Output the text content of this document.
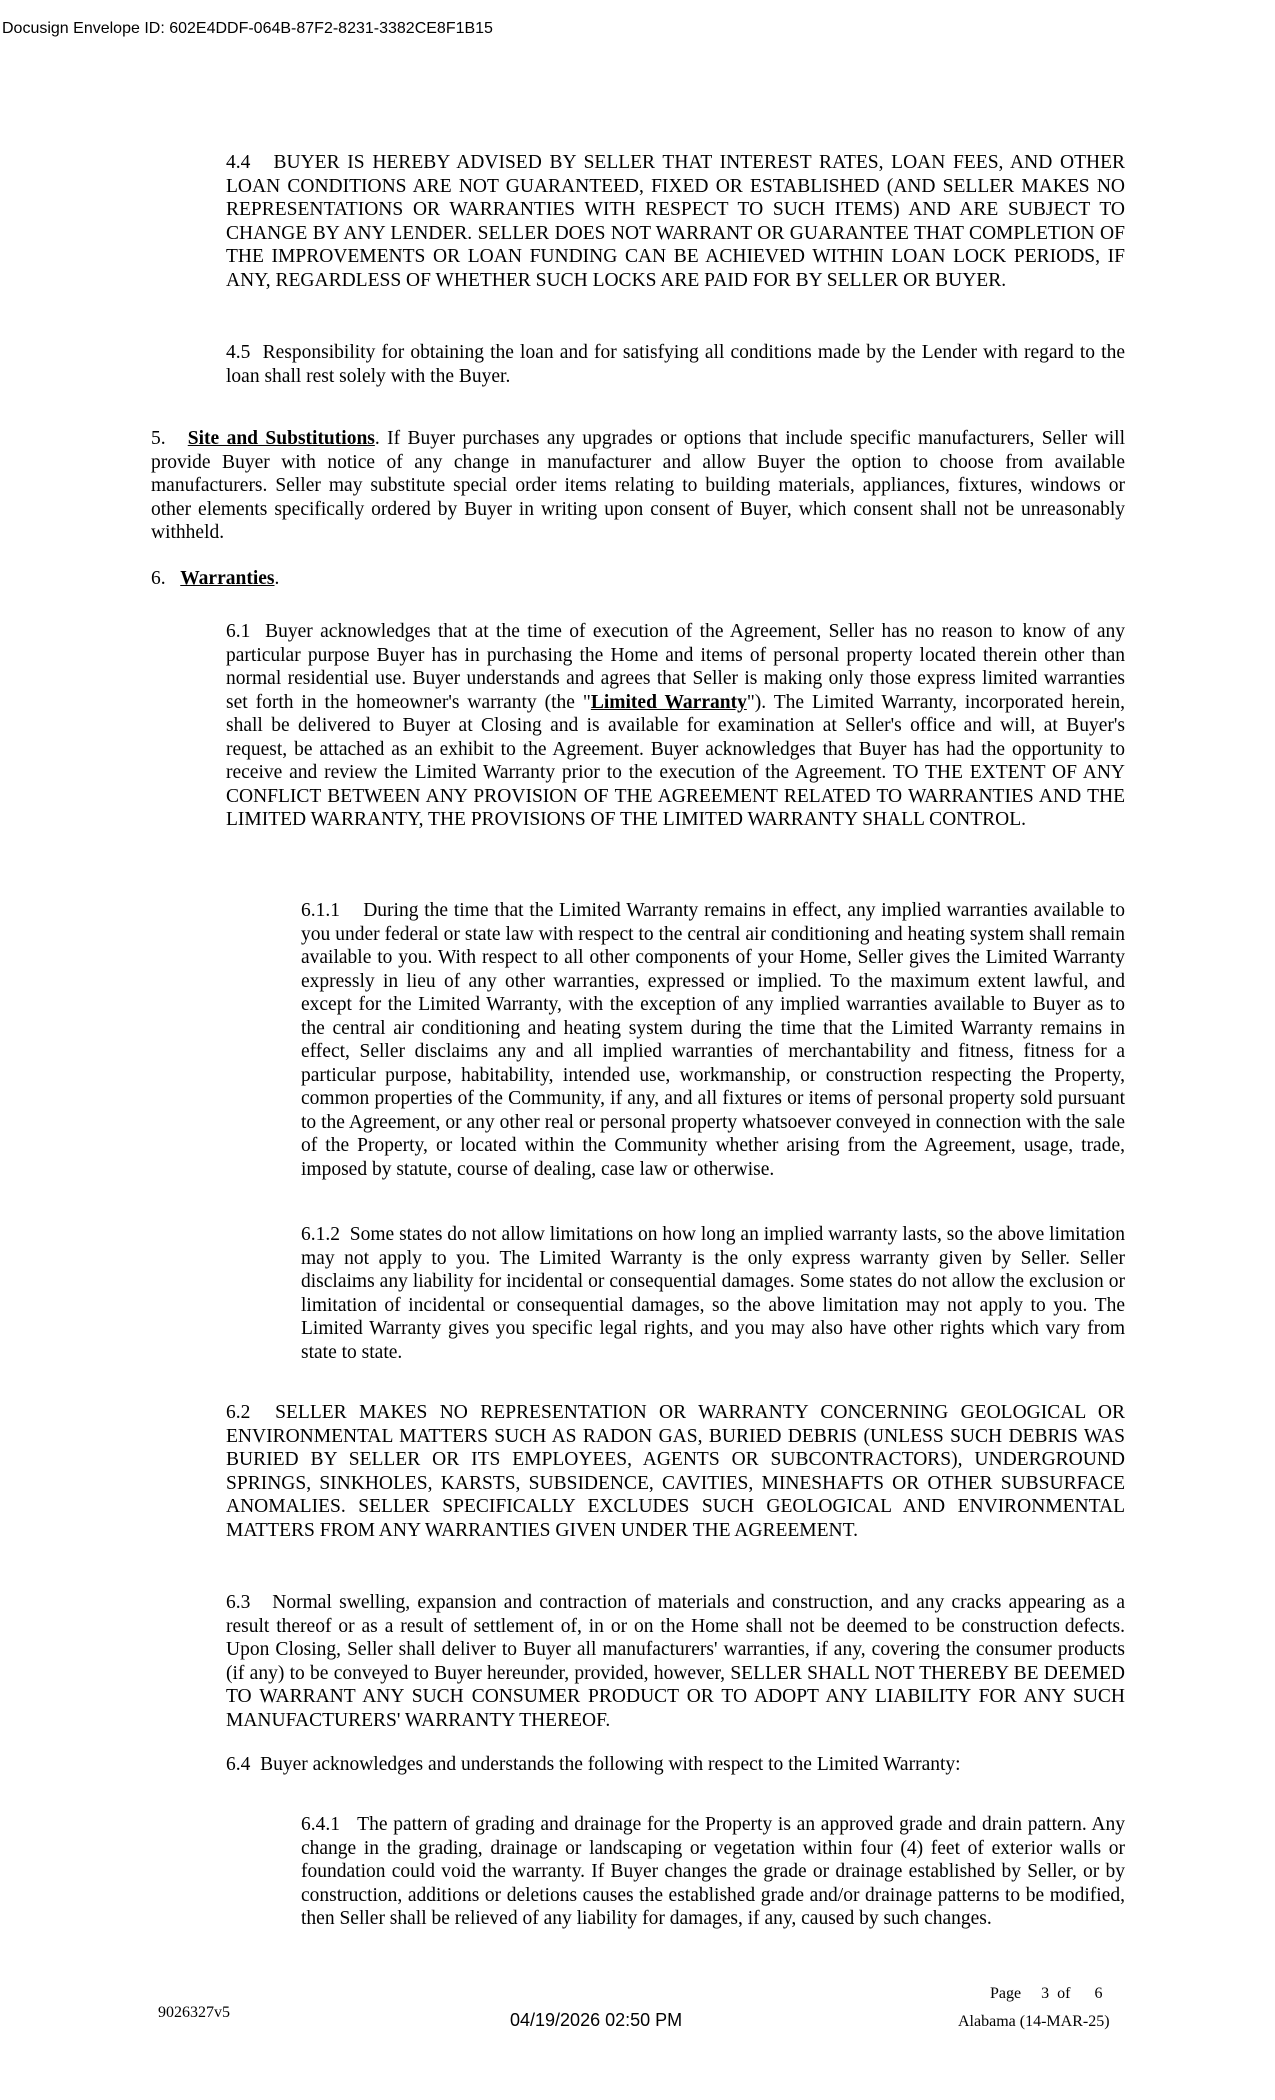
Docusign Envelope ID: 602E4DDF-064B-87F2-8231-3382CE8F1B15

4.4 BUYER IS HEREBY ADVISED BY SELLER THAT INTEREST RATES, LOAN FEES, AND OTHER LOAN CONDITIONS ARE NOT GUARANTEED, FIXED OR ESTABLISHED (AND SELLER MAKES NO REPRESENTATIONS OR WARRANTIES WITH RESPECT TO SUCH ITEMS) AND ARE SUBJECT TO CHANGE BY ANY LENDER. SELLER DOES NOT WARRANT OR GUARANTEE THAT COMPLETION OF THE IMPROVEMENTS OR LOAN FUNDING CAN BE ACHIEVED WITHIN LOAN LOCK PERIODS, IF ANY, REGARDLESS OF WHETHER SUCH LOCKS ARE PAID FOR BY SELLER OR BUYER.

4.5 Responsibility for obtaining the loan and for satisfying all conditions made by the Lender with regard to the loan shall rest solely with the Buyer.

5. Site and Substitutions. If Buyer purchases any upgrades or options that include specific manufacturers, Seller will provide Buyer with notice of any change in manufacturer and allow Buyer the option to choose from available manufacturers. Seller may substitute special order items relating to building materials, appliances, fixtures, windows or other elements specifically ordered by Buyer in writing upon consent of Buyer, which consent shall not be unreasonably withheld.

6. Warranties.

6.1 Buyer acknowledges that at the time of execution of the Agreement, Seller has no reason to know of any particular purpose Buyer has in purchasing the Home and items of personal property located therein other than normal residential use. Buyer understands and agrees that Seller is making only those express limited warranties set forth in the homeowner's warranty (the "Limited Warranty"). The Limited Warranty, incorporated herein, shall be delivered to Buyer at Closing and is available for examination at Seller's office and will, at Buyer's request, be attached as an exhibit to the Agreement. Buyer acknowledges that Buyer has had the opportunity to receive and review the Limited Warranty prior to the execution of the Agreement. TO THE EXTENT OF ANY CONFLICT BETWEEN ANY PROVISION OF THE AGREEMENT RELATED TO WARRANTIES AND THE LIMITED WARRANTY, THE PROVISIONS OF THE LIMITED WARRANTY SHALL CONTROL.

6.1.1 During the time that the Limited Warranty remains in effect, any implied warranties available to you under federal or state law with respect to the central air conditioning and heating system shall remain available to you. With respect to all other components of your Home, Seller gives the Limited Warranty expressly in lieu of any other warranties, expressed or implied. To the maximum extent lawful, and except for the Limited Warranty, with the exception of any implied warranties available to Buyer as to the central air conditioning and heating system during the time that the Limited Warranty remains in effect, Seller disclaims any and all implied warranties of merchantability and fitness, fitness for a particular purpose, habitability, intended use, workmanship, or construction respecting the Property, common properties of the Community, if any, and all fixtures or items of personal property sold pursuant to the Agreement, or any other real or personal property whatsoever conveyed in connection with the sale of the Property, or located within the Community whether arising from the Agreement, usage, trade, imposed by statute, course of dealing, case law or otherwise.

6.1.2 Some states do not allow limitations on how long an implied warranty lasts, so the above limitation may not apply to you. The Limited Warranty is the only express warranty given by Seller. Seller disclaims any liability for incidental or consequential damages. Some states do not allow the exclusion or limitation of incidental or consequential damages, so the above limitation may not apply to you. The Limited Warranty gives you specific legal rights, and you may also have other rights which vary from state to state.

6.2 SELLER MAKES NO REPRESENTATION OR WARRANTY CONCERNING GEOLOGICAL OR ENVIRONMENTAL MATTERS SUCH AS RADON GAS, BURIED DEBRIS (UNLESS SUCH DEBRIS WAS BURIED BY SELLER OR ITS EMPLOYEES, AGENTS OR SUBCONTRACTORS), UNDERGROUND SPRINGS, SINKHOLES, KARSTS, SUBSIDENCE, CAVITIES, MINESHAFTS OR OTHER SUBSURFACE ANOMALIES. SELLER SPECIFICALLY EXCLUDES SUCH GEOLOGICAL AND ENVIRONMENTAL MATTERS FROM ANY WARRANTIES GIVEN UNDER THE AGREEMENT.

6.3 Normal swelling, expansion and contraction of materials and construction, and any cracks appearing as a result thereof or as a result of settlement of, in or on the Home shall not be deemed to be construction defects. Upon Closing, Seller shall deliver to Buyer all manufacturers' warranties, if any, covering the consumer products (if any) to be conveyed to Buyer hereunder, provided, however, SELLER SHALL NOT THEREBY BE DEEMED TO WARRANT ANY SUCH CONSUMER PRODUCT OR TO ADOPT ANY LIABILITY FOR ANY SUCH MANUFACTURERS' WARRANTY THEREOF.

6.4 Buyer acknowledges and understands the following with respect to the Limited Warranty:

6.4.1 The pattern of grading and drainage for the Property is an approved grade and drain pattern. Any change in the grading, drainage or landscaping or vegetation within four (4) feet of exterior walls or foundation could void the warranty. If Buyer changes the grade or drainage established by Seller, or by construction, additions or deletions causes the established grade and/or drainage patterns to be modified, then Seller shall be relieved of any liability for damages, if any, caused by such changes.

Page 3 of 6
9026327v5	04/19/2026 02:50 PM	Alabama (14-MAR-25)
